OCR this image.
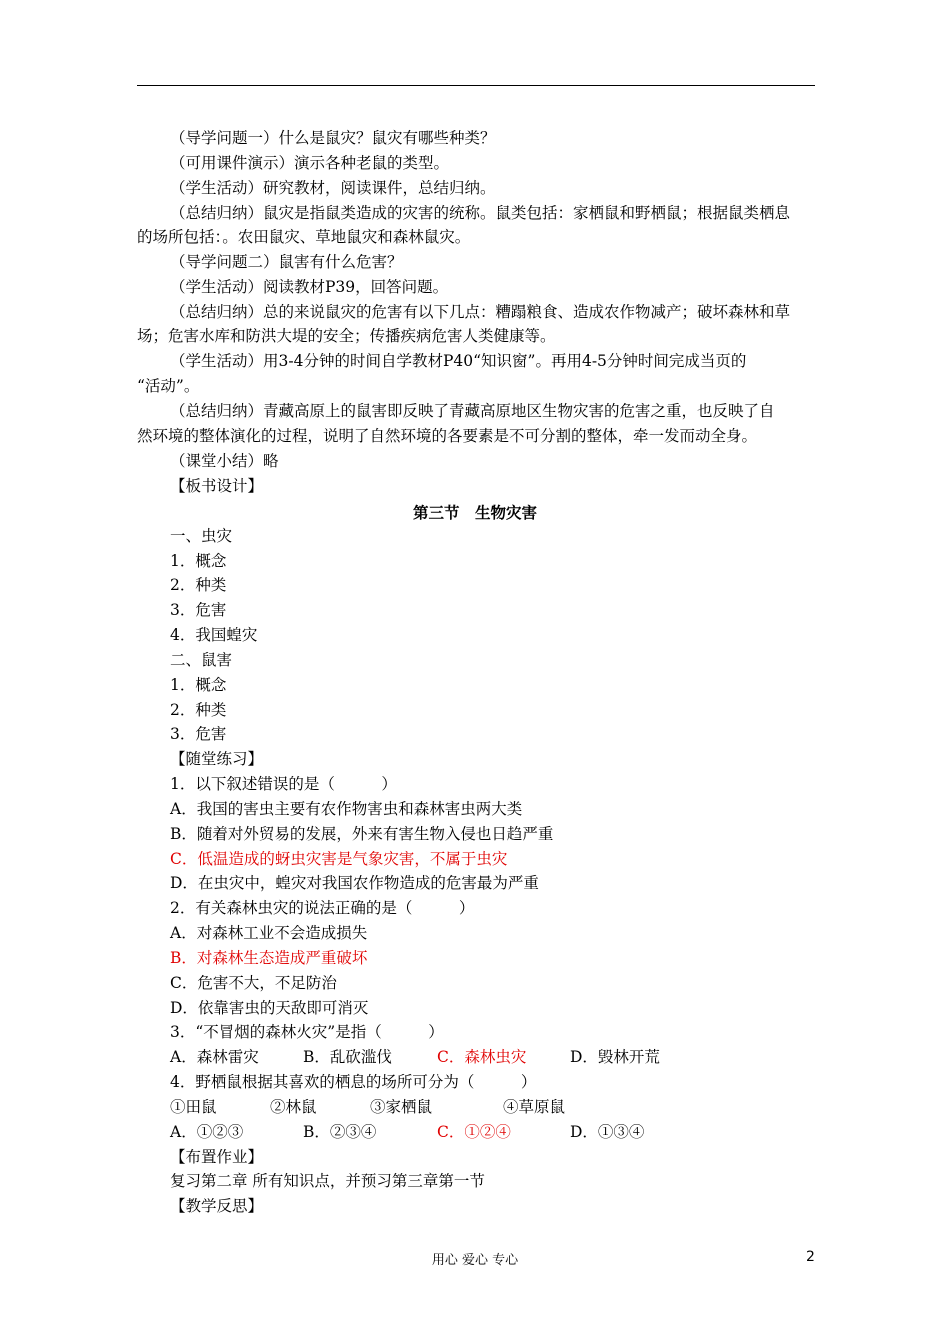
（导学问题一）什么是鼠灾？鼠灾有哪些种类？
（可用课件演示）演示各种老鼠的类型。
（学生活动）研究教材，阅读课件，总结归纳。
（总结归纳）鼠灾是指鼠类造成的灾害的统称。鼠类包括：家栖鼠和野栖鼠；根据鼠类栖息
的场所包括：。农田鼠灾、草地鼠灾和森林鼠灾。
（导学问题二）鼠害有什么危害？
（学生活动）阅读教材P39，回答问题。
（总结归纳）总的来说鼠灾的危害有以下几点：糟蹋粮食、造成农作物减产；破坏森林和草
场；危害水库和防洪大堤的安全；传播疾病危害人类健康等。
（学生活动）用3-4分钟的时间自学教材P40“知识窗”。再用4-5分钟时间完成当页的
“活动”。
（总结归纳）青藏高原上的鼠害即反映了青藏高原地区生物灾害的危害之重，也反映了自
然环境的整体演化的过程，说明了自然环境的各要素是不可分割的整体，牵一发而动全身。
（课堂小结）略
【板书设计】
第三节　生物灾害
一、虫灾
1．概念
2．种类
3．危害
4．我国蝗灾
二、鼠害
1．概念
2．种类
3．危害
【随堂练习】
1．以下叙述错误的是（　　　）
A．我国的害虫主要有农作物害虫和森林害虫两大类
B．随着对外贸易的发展，外来有害生物入侵也日趋严重
C．低温造成的蚜虫灾害是气象灾害，不属于虫灾
D．在虫灾中，蝗灾对我国农作物造成的危害最为严重
2．有关森林虫灾的说法正确的是（　　　）
A．对森林工业不会造成损失
B．对森林生态造成严重破坏
C．危害不大，不足防治
D．依靠害虫的天敌即可消灭
3．“不冒烟的森林火灾”是指（　　　）
A．森林雷灾	B．乱砍滥伐	C．森林虫灾	D．毁林开荒
4．野栖鼠根据其喜欢的栖息的场所可分为（　　　）
①田鼠	②林鼠	③家栖鼠	④草原鼠
A．①②③	B．②③④	C．①②④	D．①③④
【布置作业】
复习第二章 所有知识点，并预习第三章第一节
【教学反思】
用心 爱心 专心	2
